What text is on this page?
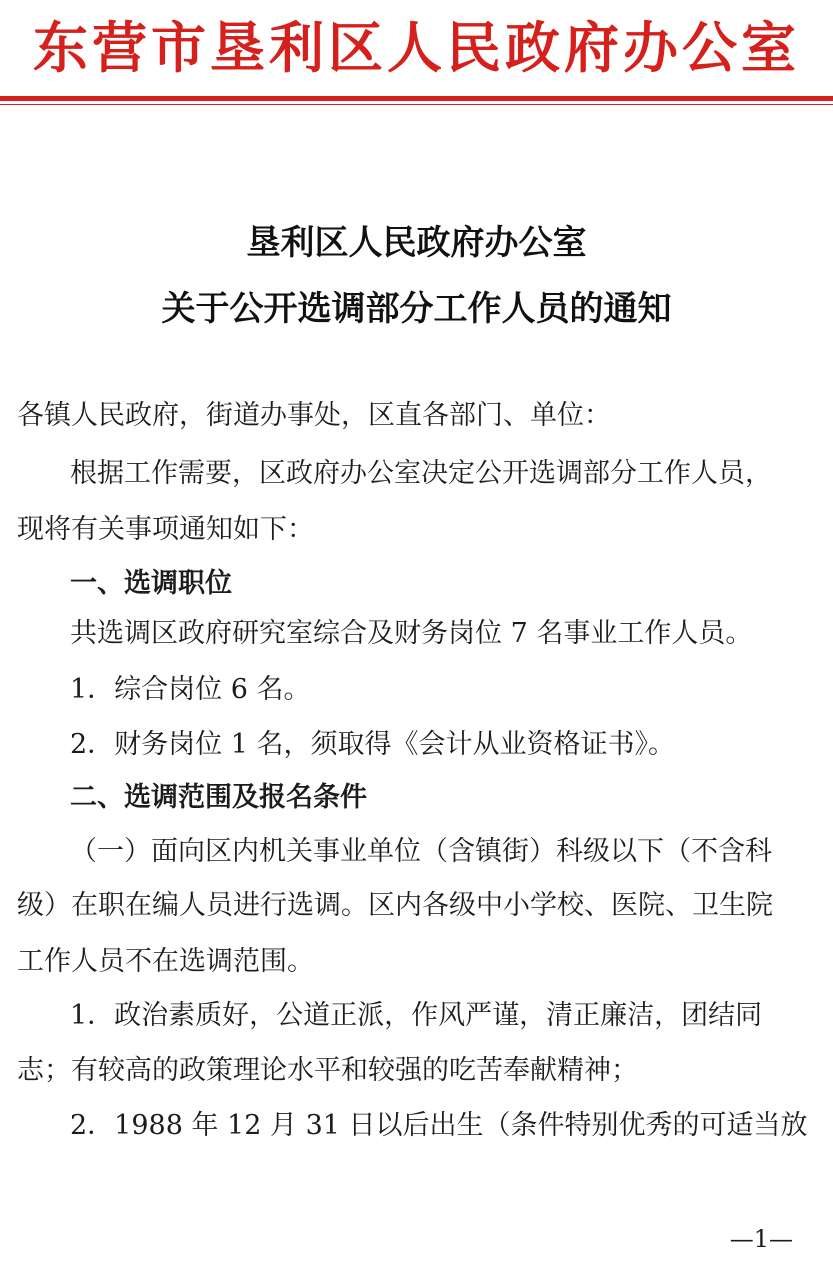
东营市垦利区人民政府办公室
垦利区人民政府办公室
关于公开选调部分工作人员的通知
各镇人民政府，街道办事处，区直各部门、单位：
根据工作需要，区政府办公室决定公开选调部分工作人员，
现将有关事项通知如下：
一、选调职位
共选调区政府研究室综合及财务岗位 7 名事业工作人员。
1．综合岗位 6 名。
2．财务岗位 1 名，须取得《会计从业资格证书》。
二、选调范围及报名条件
（一）面向区内机关事业单位（含镇街）科级以下（不含科
级）在职在编人员进行选调。区内各级中小学校、医院、卫生院
工作人员不在选调范围。
1．政治素质好，公道正派，作风严谨，清正廉洁，团结同
志；有较高的政策理论水平和较强的吃苦奉献精神；
2．1988 年 12 月 31 日以后出生（条件特别优秀的可适当放
—1—
